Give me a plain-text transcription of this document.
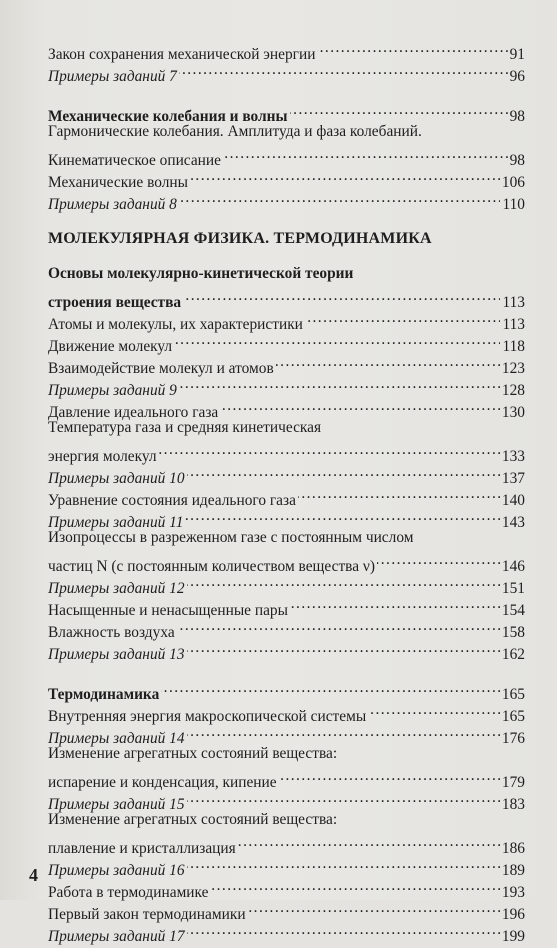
Закон сохранения механической энергии . . .	91
Примеры заданий 7 . . .	96
Механические колебания и волны . . .	98
Гармонические колебания. Амплитуда и фаза колебаний.
Кинематическое описание . . .	98
Механические волны . . .	106
Примеры заданий 8 . . .	110
МОЛЕКУЛЯРНАЯ ФИЗИКА. ТЕРМОДИНАМИКА
Основы молекулярно-кинетической теории
строения вещества . . .	113
Атомы и молекулы, их характеристики . . .	113
Движение молекул . . .	118
Взаимодействие молекул и атомов . . .	123
Примеры заданий 9 . . .	128
Давление идеального газа . . .	130
Температура газа и средняя кинетическая
энергия молекул . . .	133
Примеры заданий 10 . . .	137
Уравнение состояния идеального газа . . .	140
Примеры заданий 11 . . .	143
Изопроцессы в разреженном газе с постоянным числом
частиц N (с постоянным количеством вещества ν) . . .	146
Примеры заданий 12 . . .	151
Насыщенные и ненасыщенные пары . . .	154
Влажность воздуха . . .	158
Примеры заданий 13 . . .	162
Термодинамика . . .	165
Внутренняя энергия макроскопической системы . . .	165
Примеры заданий 14 . . .	176
Изменение агрегатных состояний вещества:
испарение и конденсация, кипение . . .	179
Примеры заданий 15 . . .	183
Изменение агрегатных состояний вещества:
плавление и кристаллизация . . .	186
Примеры заданий 16 . . .	189
Работа в термодинамике . . .	193
Первый закон термодинамики . . .	196
Примеры заданий 17 . . .	199
4
